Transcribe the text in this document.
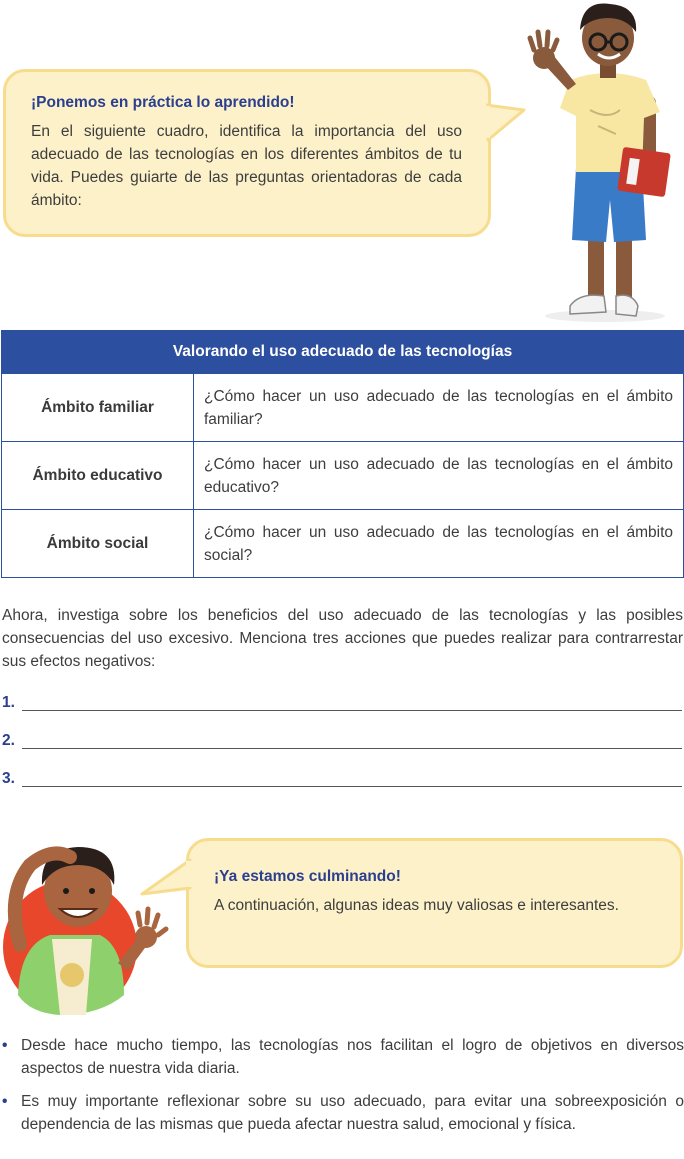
¡Ponemos en práctica lo aprendido!
En el siguiente cuadro, identifica la importancia del uso adecuado de las tecnologías en los diferentes ámbitos de tu vida. Puedes guiarte de las preguntas orientadoras de cada ámbito:
Valorando el uso adecuado de las tecnologías	
Ámbito familiar	¿Cómo hacer un uso adecuado de las tecnologías en el ámbito familiar?
Ámbito educativo	¿Cómo hacer un uso adecuado de las tecnologías en el ámbito educativo?
Ámbito social	¿Cómo hacer un uso adecuado de las tecnologías en el ámbito social?
Ahora, investiga sobre los beneficios del uso adecuado de las tecnologías y las posibles consecuencias del uso excesivo. Menciona tres acciones que puedes realizar para contrarrestar sus efectos negativos:
1.
2.
3.
¡Ya estamos culminando!
A continuación, algunas ideas muy valiosas e interesantes.
• Desde hace mucho tiempo, las tecnologías nos facilitan el logro de objetivos en diversos aspectos de nuestra vida diaria.
• Es muy importante reflexionar sobre su uso adecuado, para evitar una sobreexposición o dependencia de las mismas que pueda afectar nuestra salud, emocional y física.
